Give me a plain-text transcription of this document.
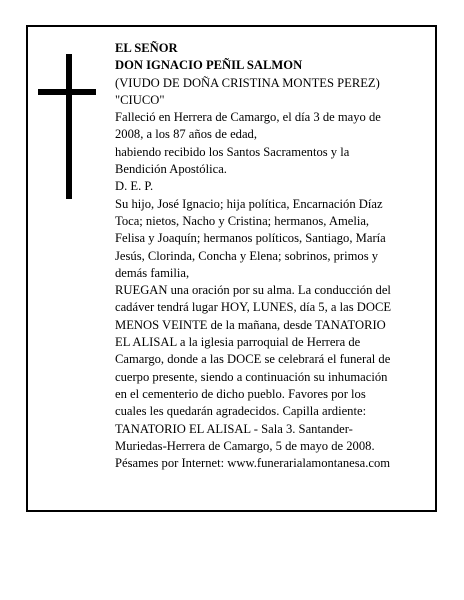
EL SEÑOR
DON IGNACIO PEÑIL SALMON
(VIUDO DE DOÑA CRISTINA MONTES PEREZ)
"CIUCO"
Falleció en Herrera de Camargo, el día 3 de mayo de
2008, a los 87 años de edad,
habiendo recibido los Santos Sacramentos y la
Bendición Apostólica.
D. E. P.
Su hijo, José Ignacio; hija política, Encarnación Díaz
Toca; nietos, Nacho y Cristina; hermanos, Amelia,
Felisa y Joaquín; hermanos políticos, Santiago, María
Jesús, Clorinda, Concha y Elena; sobrinos, primos y
demás familia,
RUEGAN una oración por su alma. La conducción del
cadáver tendrá lugar HOY, LUNES, día 5, a las DOCE
MENOS VEINTE de la mañana, desde TANATORIO
EL ALISAL a la iglesia parroquial de Herrera de
Camargo, donde a las DOCE se celebrará el funeral de
cuerpo presente, siendo a continuación su inhumación
en el cementerio de dicho pueblo. Favores por los
cuales les quedarán agradecidos. Capilla ardiente:
TANATORIO EL ALISAL - Sala 3. Santander-
Muriedas-Herrera de Camargo, 5 de mayo de 2008.
Pésames por Internet: www.funerarialamontanesa.com
